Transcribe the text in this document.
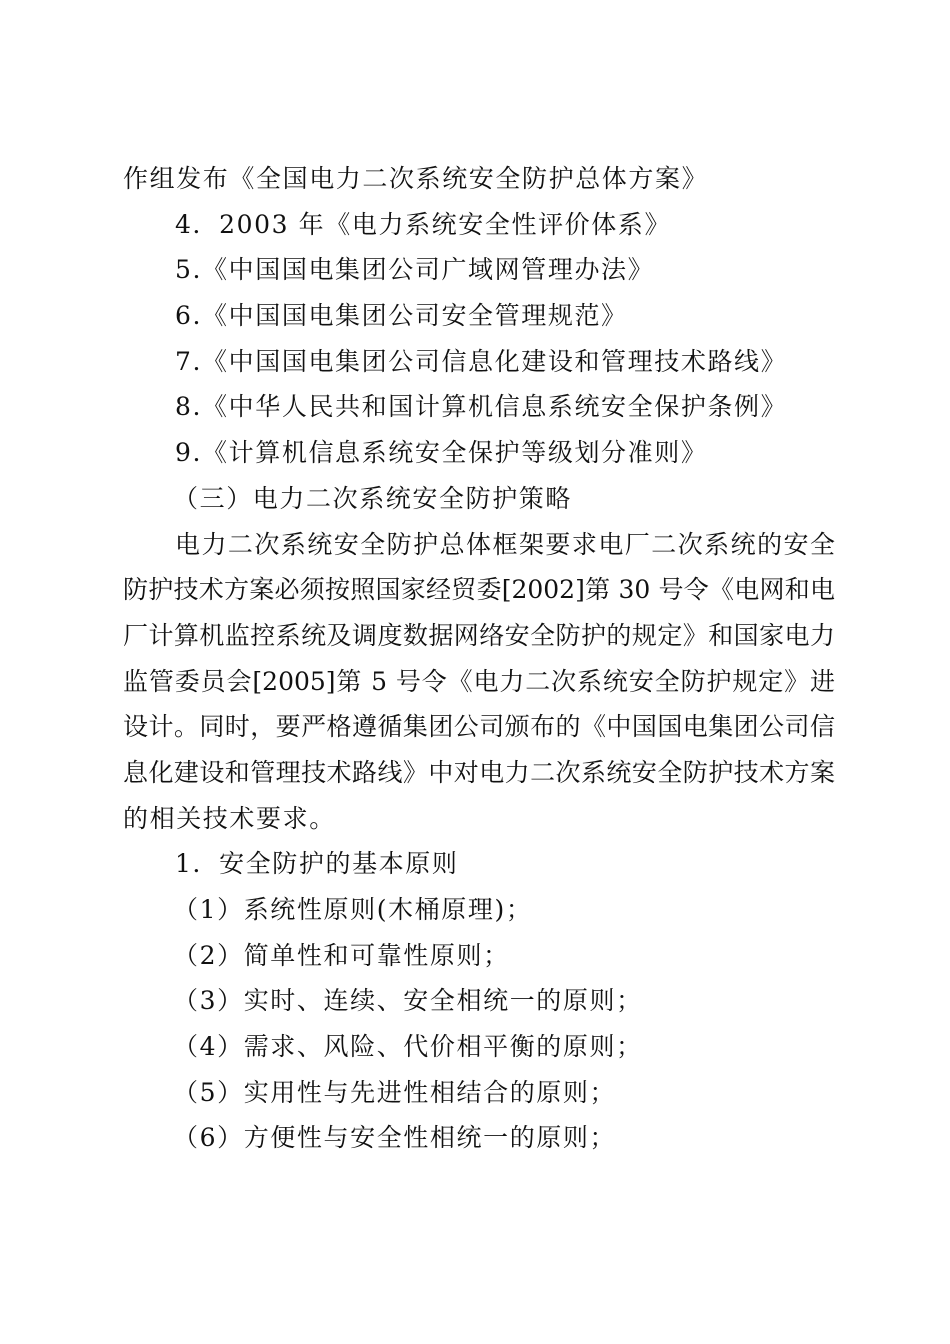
作组发布《全国电力二次系统安全防护总体方案》
4．2003 年《电力系统安全性评价体系》
5.《中国国电集团公司广域网管理办法》
6.《中国国电集团公司安全管理规范》
7.《中国国电集团公司信息化建设和管理技术路线》
8.《中华人民共和国计算机信息系统安全保护条例》
9.《计算机信息系统安全保护等级划分准则》
（三）电力二次系统安全防护策略
电力二次系统安全防护总体框架要求电厂二次系统的安全
防护技术方案必须按照国家经贸委[2002]第 30 号令《电网和电
厂计算机监控系统及调度数据网络安全防护的规定》和国家电力
监管委员会[2005]第 5 号令《电力二次系统安全防护规定》进
设计。同时，要严格遵循集团公司颁布的《中国国电集团公司信
息化建设和管理技术路线》中对电力二次系统安全防护技术方案
的相关技术要求。
1．安全防护的基本原则
（1）系统性原则(木桶原理)；
（2）简单性和可靠性原则；
（3）实时、连续、安全相统一的原则；
（4）需求、风险、代价相平衡的原则；
（5）实用性与先进性相结合的原则；
（6）方便性与安全性相统一的原则；
